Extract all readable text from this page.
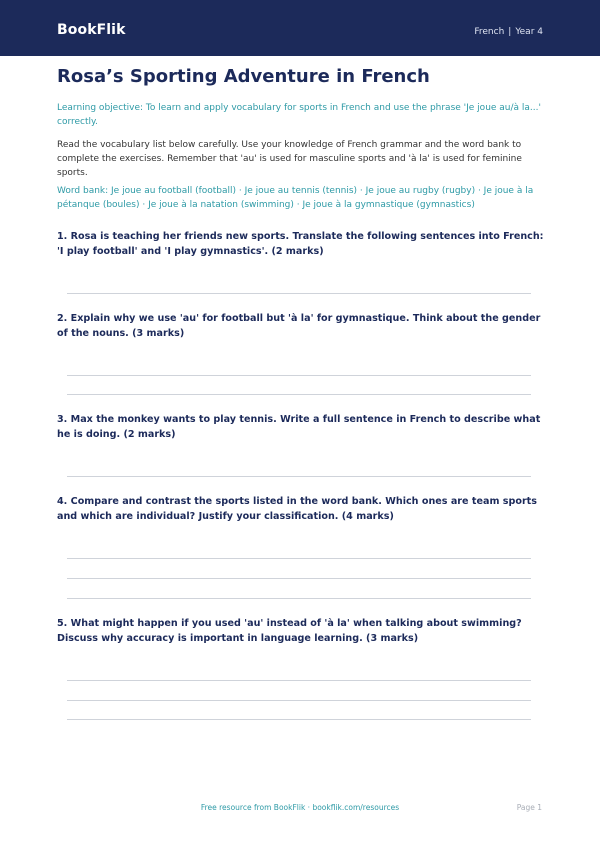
BookFlik	French | Year 4
Rosa’s Sporting Adventure in French
Learning objective: To learn and apply vocabulary for sports in French and use the phrase 'Je joue au/à la...' correctly.
Read the vocabulary list below carefully. Use your knowledge of French grammar and the word bank to complete the exercises. Remember that 'au' is used for masculine sports and 'à la' is used for feminine sports.
Word bank: Je joue au football (football) · Je joue au tennis (tennis) · Je joue au rugby (rugby) · Je joue à la pétanque (boules) · Je joue à la natation (swimming) · Je joue à la gymnastique (gymnastics)
1. Rosa is teaching her friends new sports. Translate the following sentences into French: 'I play football' and 'I play gymnastics'. (2 marks)
2. Explain why we use 'au' for football but 'à la' for gymnastique. Think about the gender of the nouns. (3 marks)
3. Max the monkey wants to play tennis. Write a full sentence in French to describe what he is doing. (2 marks)
4. Compare and contrast the sports listed in the word bank. Which ones are team sports and which are individual? Justify your classification. (4 marks)
5. What might happen if you used 'au' instead of 'à la' when talking about swimming? Discuss why accuracy is important in language learning. (3 marks)
Free resource from BookFlik · bookflik.com/resources	Page 1
